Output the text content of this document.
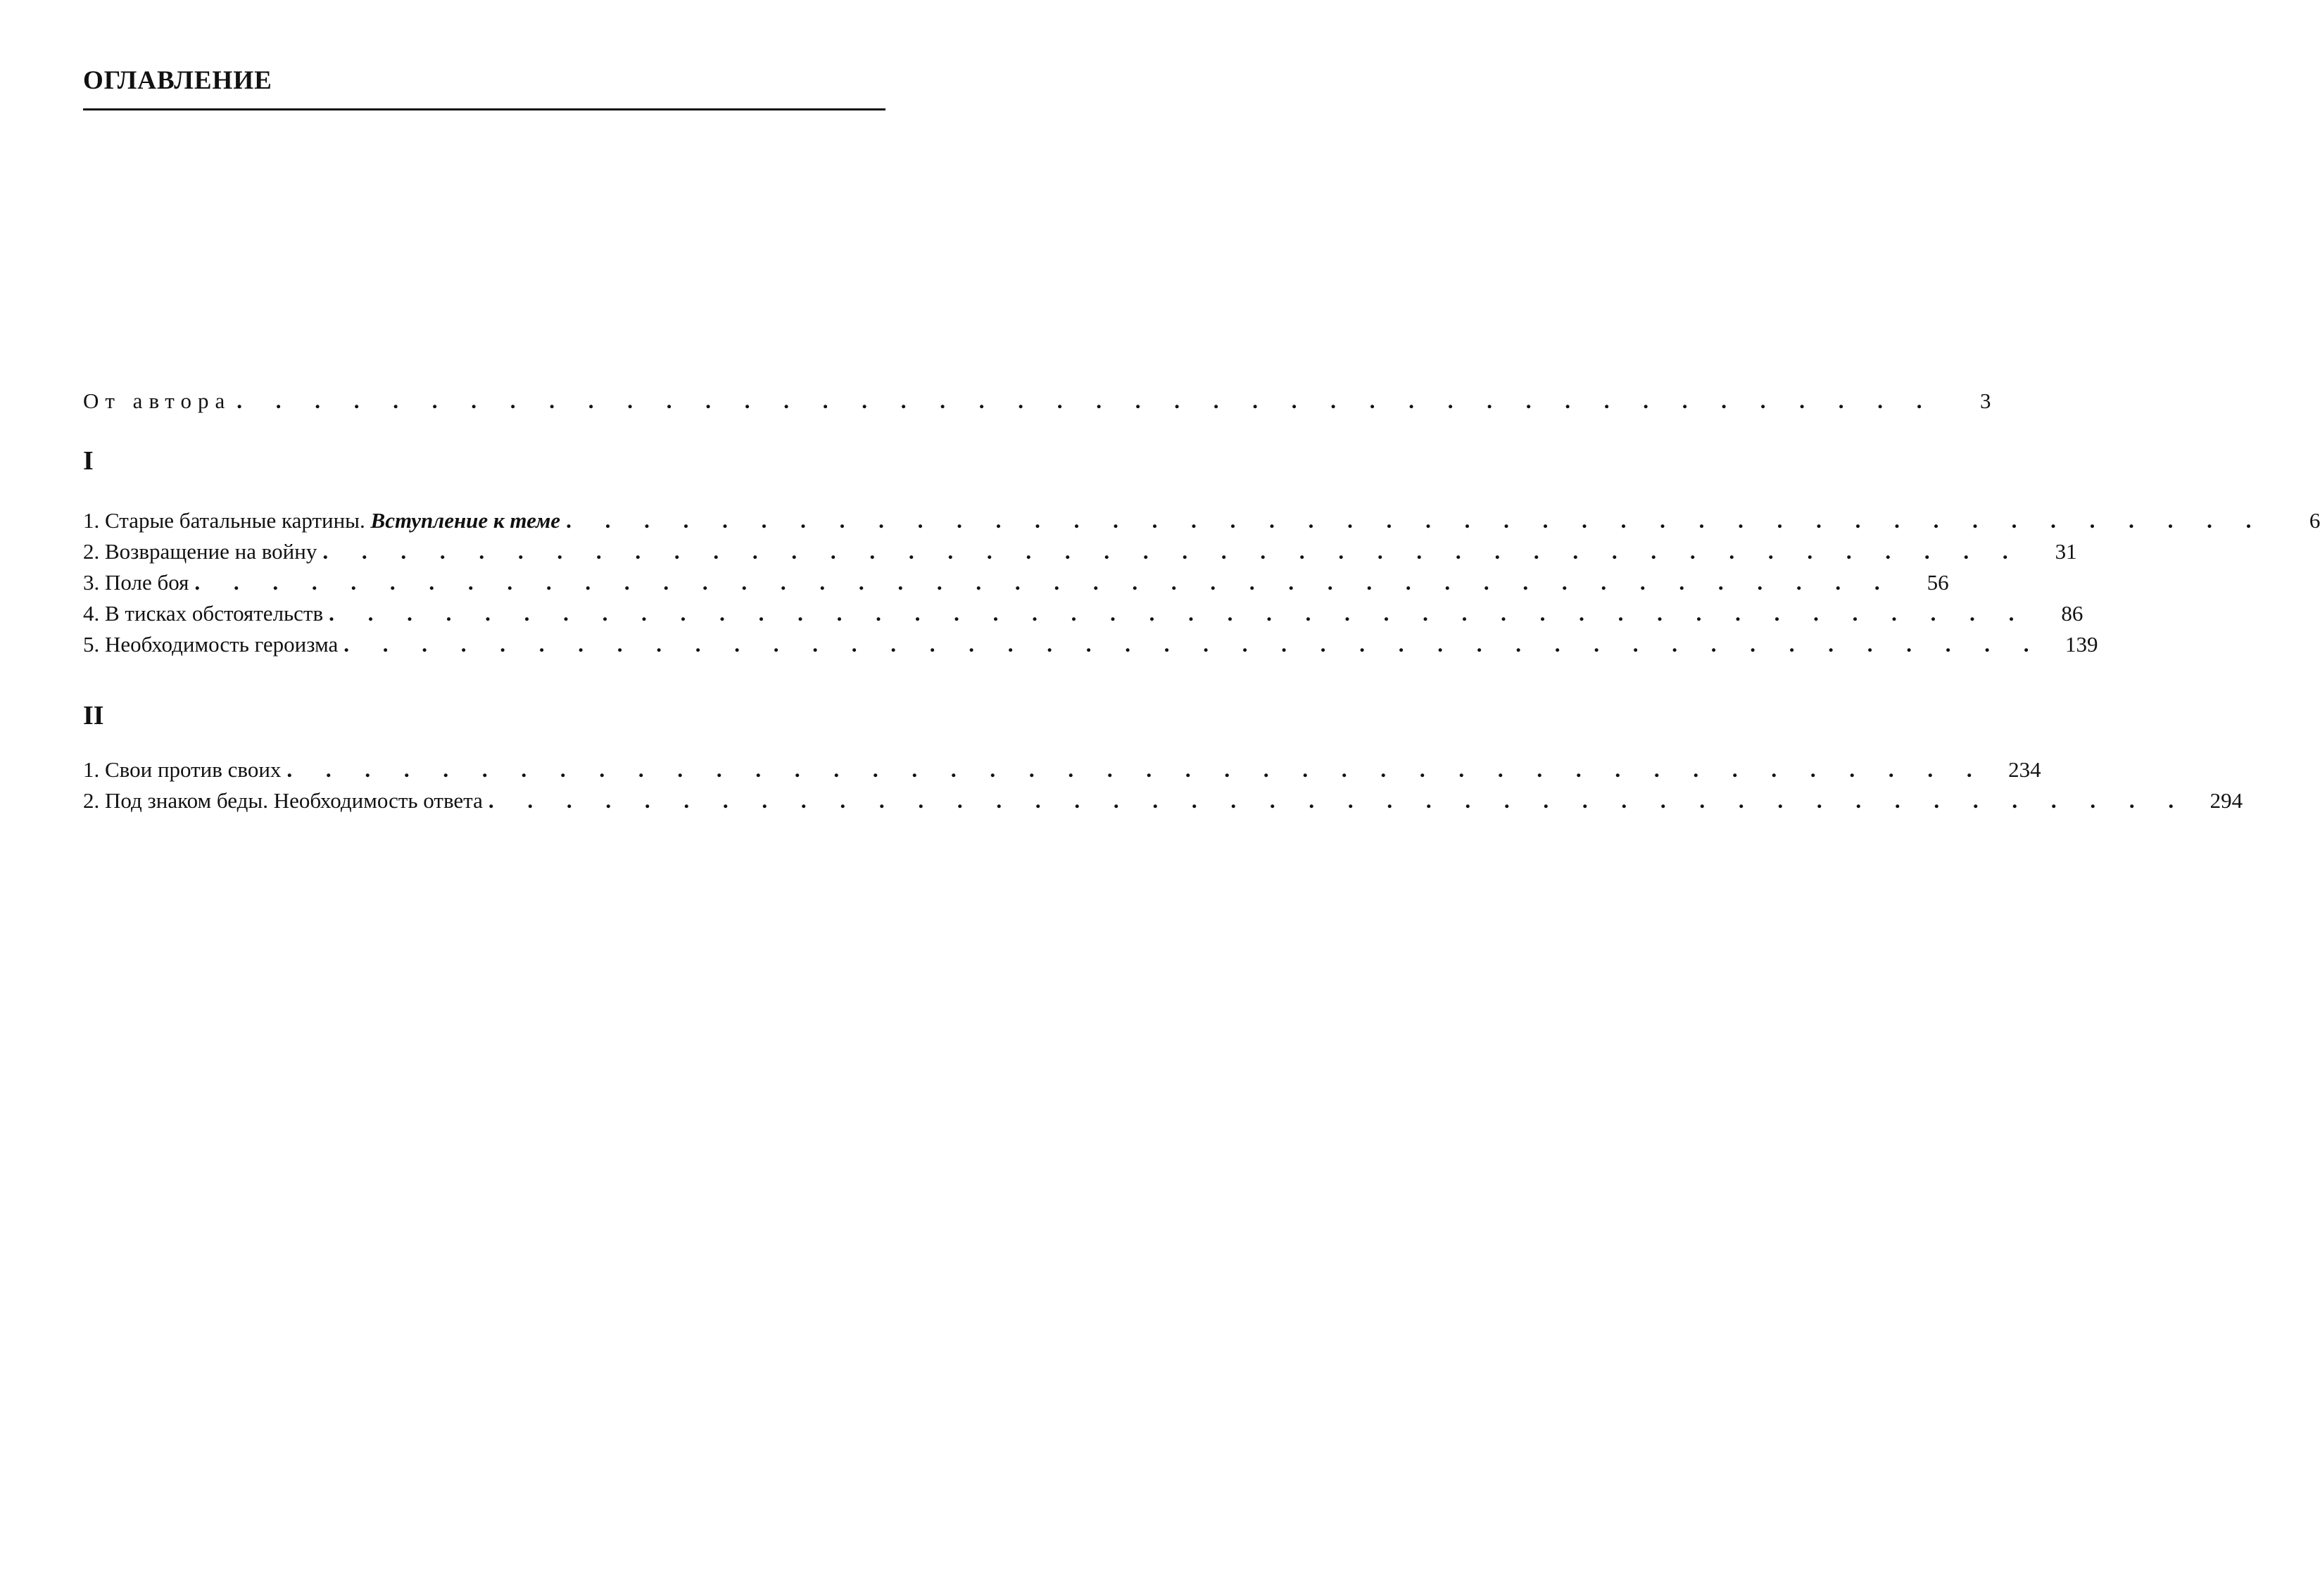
ОГЛАВЛЕНИЕ
От автора . . . . . . . . . . . . . . . . . . . . . . . . . . . . . . . . . . . . . . . . . . . .	3
I
1. Старые батальные картины. Вступление к теме . . . . . . . . . . . . . . . . . . . . . . . . . . . . . . . . . . . . . . . . . . . .	6
2. Возвращение на войну . . . . . . . . . . . . . . . . . . . . . . . . . . . . . . . . . . . . . . . . . . . .	31
3. Поле боя . . . . . . . . . . . . . . . . . . . . . . . . . . . . . . . . . . . . . . . . . . . .	56
4. В тисках обстоятельств . . . . . . . . . . . . . . . . . . . . . . . . . . . . . . . . . . . . . . . . . . . .	86
5. Необходимость героизма . . . . . . . . . . . . . . . . . . . . . . . . . . . . . . . . . . . . . . . . . . . .	139
II
1. Свои против своих . . . . . . . . . . . . . . . . . . . . . . . . . . . . . . . . . . . . . . . . . . . .	234
2. Под знаком беды. Необходимость ответа . . . . . . . . . . . . . . . . . . . . . . . . . . . . . . . . . . . . . . . . . . . .	294
